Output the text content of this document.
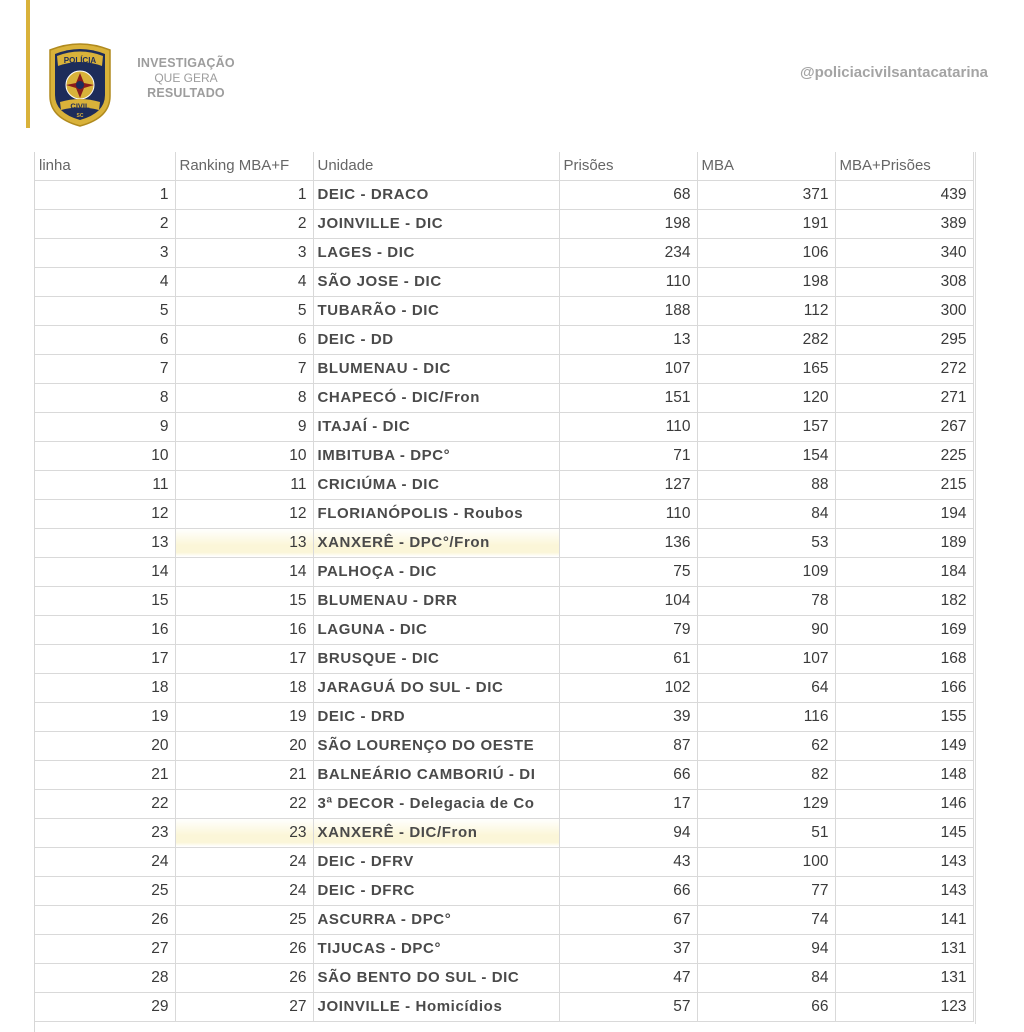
POLÍCIA
CIVIL
SC
INVESTIGAÇÃO
QUE GERA
RESULTADO
@policiacivilsantacatarina
linha	Ranking MBA+F	Unidade	Prisões	MBA	MBA+Prisões
1	1	DEIC - DRACO	68	371	439
2	2	JOINVILLE - DIC	198	191	389
3	3	LAGES - DIC	234	106	340
4	4	SÃO JOSE - DIC	110	198	308
5	5	TUBARÃO - DIC	188	112	300
6	6	DEIC - DD	13	282	295
7	7	BLUMENAU - DIC	107	165	272
8	8	CHAPECÓ - DIC/Fron	151	120	271
9	9	ITAJAÍ - DIC	110	157	267
10	10	IMBITUBA - DPC°	71	154	225
11	11	CRICIÚMA - DIC	127	88	215
12	12	FLORIANÓPOLIS - Roubos	110	84	194
13	13	XANXERÊ - DPC°/Fron	136	53	189
14	14	PALHOÇA - DIC	75	109	184
15	15	BLUMENAU - DRR	104	78	182
16	16	LAGUNA - DIC	79	90	169
17	17	BRUSQUE - DIC	61	107	168
18	18	JARAGUÁ DO SUL - DIC	102	64	166
19	19	DEIC - DRD	39	116	155
20	20	SÃO LOURENÇO DO OESTE	87	62	149
21	21	BALNEÁRIO CAMBORIÚ - DI	66	82	148
22	22	3ª DECOR - Delegacia de Co	17	129	146
23	23	XANXERÊ - DIC/Fron	94	51	145
24	24	DEIC - DFRV	43	100	143
25	24	DEIC - DFRC	66	77	143
26	25	ASCURRA - DPC°	67	74	141
27	26	TIJUCAS - DPC°	37	94	131
28	26	SÃO BENTO DO SUL - DIC	47	84	131
29	27	JOINVILLE - Homicídios	57	66	123
